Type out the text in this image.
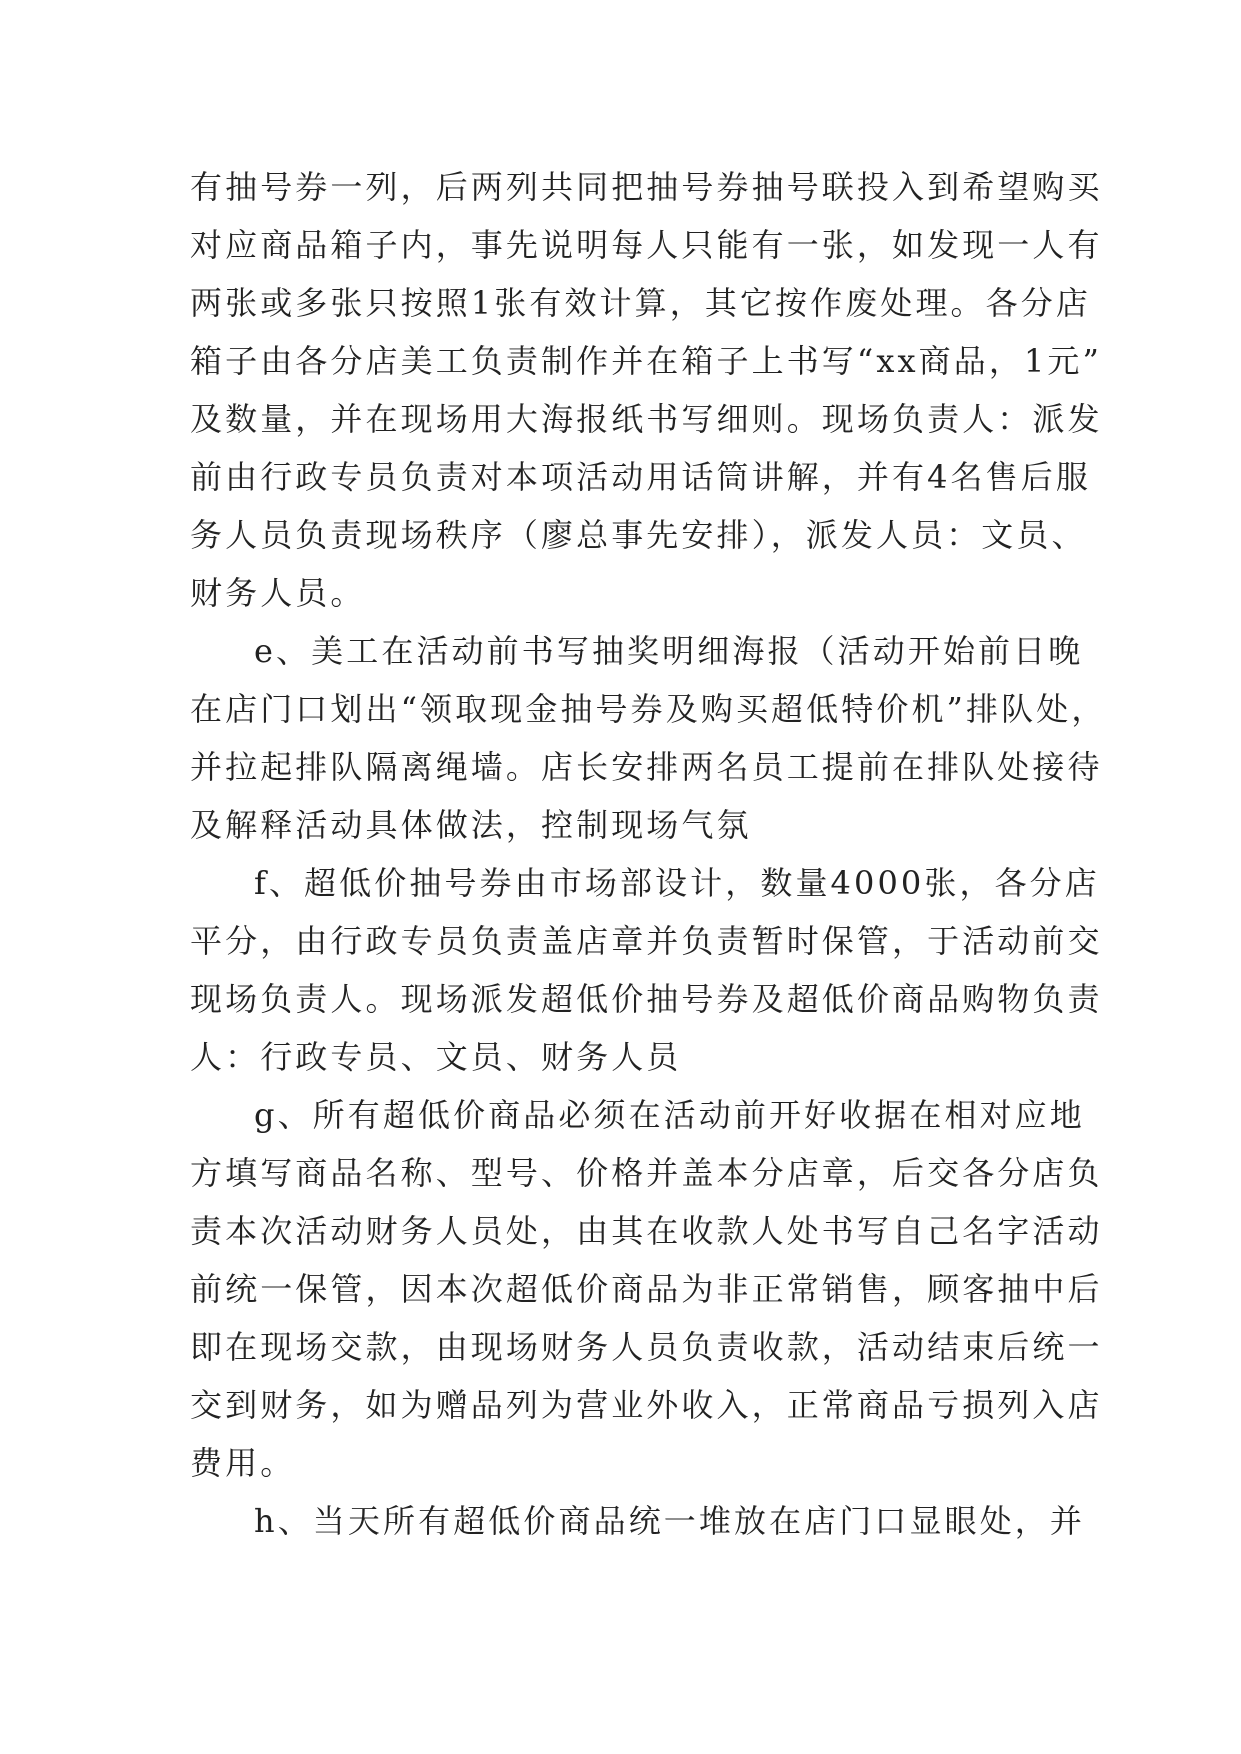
有抽号券一列，后两列共同把抽号券抽号联投入到希望购买
对应商品箱子内，事先说明每人只能有一张，如发现一人有
两张或多张只按照1张有效计算，其它按作废处理。各分店
箱子由各分店美工负责制作并在箱子上书写“xx商品，1元”
及数量，并在现场用大海报纸书写细则。现场负责人：派发
前由行政专员负责对本项活动用话筒讲解，并有4名售后服
务人员负责现场秩序（廖总事先安排），派发人员：文员、
财务人员。

e、美工在活动前书写抽奖明细海报（活动开始前日晚
在店门口划出“领取现金抽号券及购买超低特价机”排队处，
并拉起排队隔离绳墙。店长安排两名员工提前在排队处接待
及解释活动具体做法，控制现场气氛

f、超低价抽号券由市场部设计，数量4000张，各分店
平分，由行政专员负责盖店章并负责暂时保管，于活动前交
现场负责人。现场派发超低价抽号券及超低价商品购物负责
人：行政专员、文员、财务人员

g、所有超低价商品必须在活动前开好收据在相对应地
方填写商品名称、型号、价格并盖本分店章，后交各分店负
责本次活动财务人员处，由其在收款人处书写自己名字活动
前统一保管，因本次超低价商品为非正常销售，顾客抽中后
即在现场交款，由现场财务人员负责收款，活动结束后统一
交到财务，如为赠品列为营业外收入，正常商品亏损列入店
费用。

h、当天所有超低价商品统一堆放在店门口显眼处，并
